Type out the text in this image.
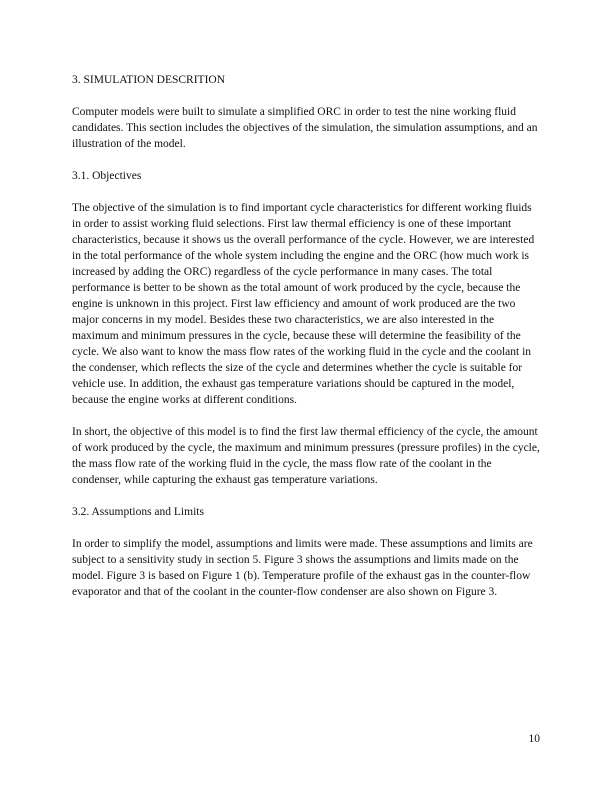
3. SIMULATION DESCRITION

Computer models were built to simulate a simplified ORC in order to test the nine working fluid candidates. This section includes the objectives of the simulation, the simulation assumptions, and an illustration of the model.

3.1. Objectives

The objective of the simulation is to find important cycle characteristics for different working fluids in order to assist working fluid selections. First law thermal efficiency is one of these important characteristics, because it shows us the overall performance of the cycle. However, we are interested in the total performance of the whole system including the engine and the ORC (how much work is increased by adding the ORC) regardless of the cycle performance in many cases. The total performance is better to be shown as the total amount of work produced by the cycle, because the engine is unknown in this project. First law efficiency and amount of work produced are the two major concerns in my model. Besides these two characteristics, we are also interested in the maximum and minimum pressures in the cycle, because these will determine the feasibility of the cycle. We also want to know the mass flow rates of the working fluid in the cycle and the coolant in the condenser, which reflects the size of the cycle and determines whether the cycle is suitable for vehicle use. In addition, the exhaust gas temperature variations should be captured in the model, because the engine works at different conditions.

In short, the objective of this model is to find the first law thermal efficiency of the cycle, the amount of work produced by the cycle, the maximum and minimum pressures (pressure profiles) in the cycle, the mass flow rate of the working fluid in the cycle, the mass flow rate of the coolant in the condenser, while capturing the exhaust gas temperature variations.

3.2. Assumptions and Limits

In order to simplify the model, assumptions and limits were made. These assumptions and limits are subject to a sensitivity study in section 5. Figure 3 shows the assumptions and limits made on the model. Figure 3 is based on Figure 1 (b). Temperature profile of the exhaust gas in the counter-flow evaporator and that of the coolant in the counter-flow condenser are also shown on Figure 3.

10
